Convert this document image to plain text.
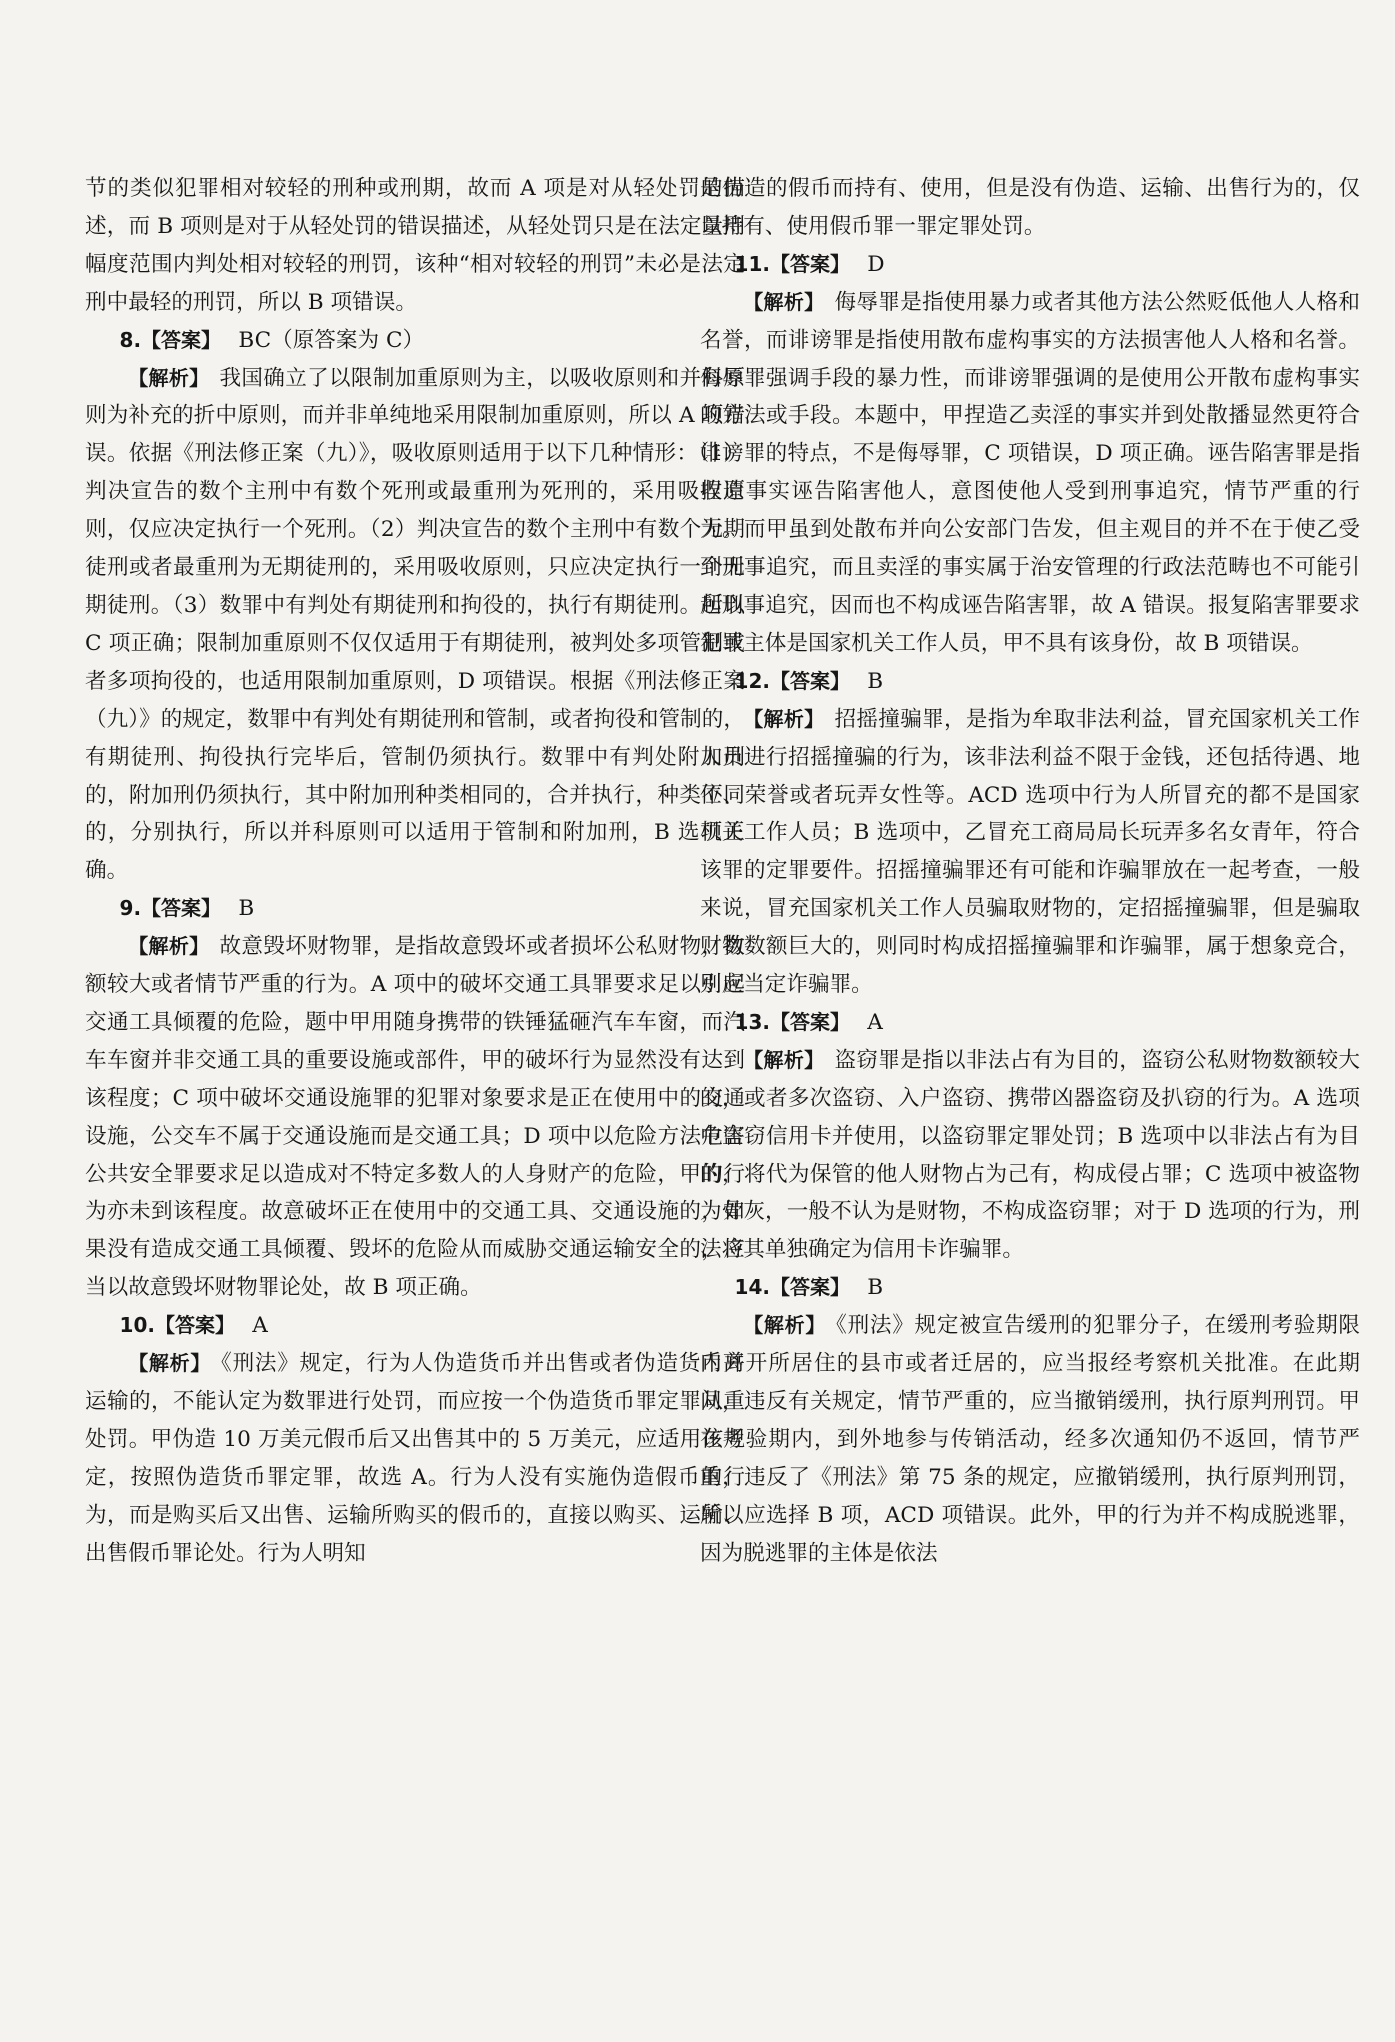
节的类似犯罪相对较轻的刑种或刑期，故而 A 项是对从轻处罚的描述，而 B 项则是对于从轻处罚的错误描述，从轻处罚只是在法定量刑幅度范围内判处相对较轻的刑罚，该种“相对较轻的刑罚”未必是法定刑中最轻的刑罚，所以 B 项错误。

8.【答案】 BC（原答案为 C）

【解析】 我国确立了以限制加重原则为主，以吸收原则和并科原则为补充的折中原则，而并非单纯地采用限制加重原则，所以 A 项错误。依据《刑法修正案（九）》，吸收原则适用于以下几种情形：（1）判决宣告的数个主刑中有数个死刑或最重刑为死刑的，采用吸收原则，仅应决定执行一个死刑。（2）判决宣告的数个主刑中有数个无期徒刑或者最重刑为无期徒刑的，采用吸收原则，只应决定执行一个无期徒刑。（3）数罪中有判处有期徒刑和拘役的，执行有期徒刑。所以 C 项正确；限制加重原则不仅仅适用于有期徒刑，被判处多项管制或者多项拘役的，也适用限制加重原则，D 项错误。根据《刑法修正案（九）》的规定，数罪中有判处有期徒刑和管制，或者拘役和管制的，有期徒刑、拘役执行完毕后，管制仍须执行。数罪中有判处附加刑的，附加刑仍须执行，其中附加刑种类相同的，合并执行，种类不同的，分别执行，所以并科原则可以适用于管制和附加刑，B 选项正确。

9.【答案】 B

【解析】 故意毁坏财物罪，是指故意毁坏或者损坏公私财物，数额较大或者情节严重的行为。A 项中的破坏交通工具罪要求足以引起交通工具倾覆的危险，题中甲用随身携带的铁锤猛砸汽车车窗，而汽车车窗并非交通工具的重要设施或部件，甲的破坏行为显然没有达到该程度；C 项中破坏交通设施罪的犯罪对象要求是正在使用中的交通设施，公交车不属于交通设施而是交通工具；D 项中以危险方法危害公共安全罪要求足以造成对不特定多数人的人身财产的危险，甲的行为亦未到该程度。故意破坏正在使用中的交通工具、交通设施的，如果没有造成交通工具倾覆、毁坏的危险从而威胁交通运输安全的，应当以故意毁坏财物罪论处，故 B 项正确。

10.【答案】 A

【解析】 《刑法》规定，行为人伪造货币并出售或者伪造货币并运输的，不能认定为数罪进行处罚，而应按一个伪造货币罪定罪从重处罚。甲伪造 10 万美元假币后又出售其中的 5 万美元，应适用该规定，按照伪造货币罪定罪，故选 A。行为人没有实施伪造假币的行为，而是购买后又出售、运输所购买的假币的，直接以购买、运输、出售假币罪论处。行为人明知

是伪造的假币而持有、使用，但是没有伪造、运输、出售行为的，仅以持有、使用假币罪一罪定罪处罚。

11.【答案】 D

【解析】 侮辱罪是指使用暴力或者其他方法公然贬低他人人格和名誉，而诽谤罪是指使用散布虚构事实的方法损害他人人格和名誉。侮辱罪强调手段的暴力性，而诽谤罪强调的是使用公开散布虚构事实的方法或手段。本题中，甲捏造乙卖淫的事实并到处散播显然更符合诽谤罪的特点，不是侮辱罪，C 项错误，D 项正确。诬告陷害罪是指捏造事实诬告陷害他人，意图使他人受到刑事追究，情节严重的行为。而甲虽到处散布并向公安部门告发，但主观目的并不在于使乙受到刑事追究，而且卖淫的事实属于治安管理的行政法范畴也不可能引起刑事追究，因而也不构成诬告陷害罪，故 A 错误。报复陷害罪要求犯罪主体是国家机关工作人员，甲不具有该身份，故 B 项错误。

12.【答案】 B

【解析】 招摇撞骗罪，是指为牟取非法利益，冒充国家机关工作人员进行招摇撞骗的行为，该非法利益不限于金钱，还包括待遇、地位、荣誉或者玩弄女性等。ACD 选项中行为人所冒充的都不是国家机关工作人员；B 选项中，乙冒充工商局局长玩弄多名女青年，符合该罪的定罪要件。招摇撞骗罪还有可能和诈骗罪放在一起考查，一般来说，冒充国家机关工作人员骗取财物的，定招摇撞骗罪，但是骗取财物数额巨大的，则同时构成招摇撞骗罪和诈骗罪，属于想象竞合，则应当定诈骗罪。

13.【答案】 A

【解析】 盗窃罪是指以非法占有为目的，盗窃公私财物数额较大的，或者多次盗窃、入户盗窃、携带凶器盗窃及扒窃的行为。A 选项中盗窃信用卡并使用，以盗窃罪定罪处罚；B 选项中以非法占有为目的，将代为保管的他人财物占为己有，构成侵占罪；C 选项中被盗物为骨灰，一般不认为是财物，不构成盗窃罪；对于 D 选项的行为，刑法将其单独确定为信用卡诈骗罪。

14.【答案】 B

【解析】 《刑法》规定被宣告缓刑的犯罪分子，在缓刑考验期限内离开所居住的县市或者迁居的，应当报经考察机关批准。在此期间，违反有关规定，情节严重的，应当撤销缓刑，执行原判刑罚。甲在考验期内，到外地参与传销活动，经多次通知仍不返回，情节严重，违反了《刑法》第 75 条的规定，应撤销缓刑，执行原判刑罚，所以应选择 B 项，ACD 项错误。此外，甲的行为并不构成脱逃罪，因为脱逃罪的主体是依法
